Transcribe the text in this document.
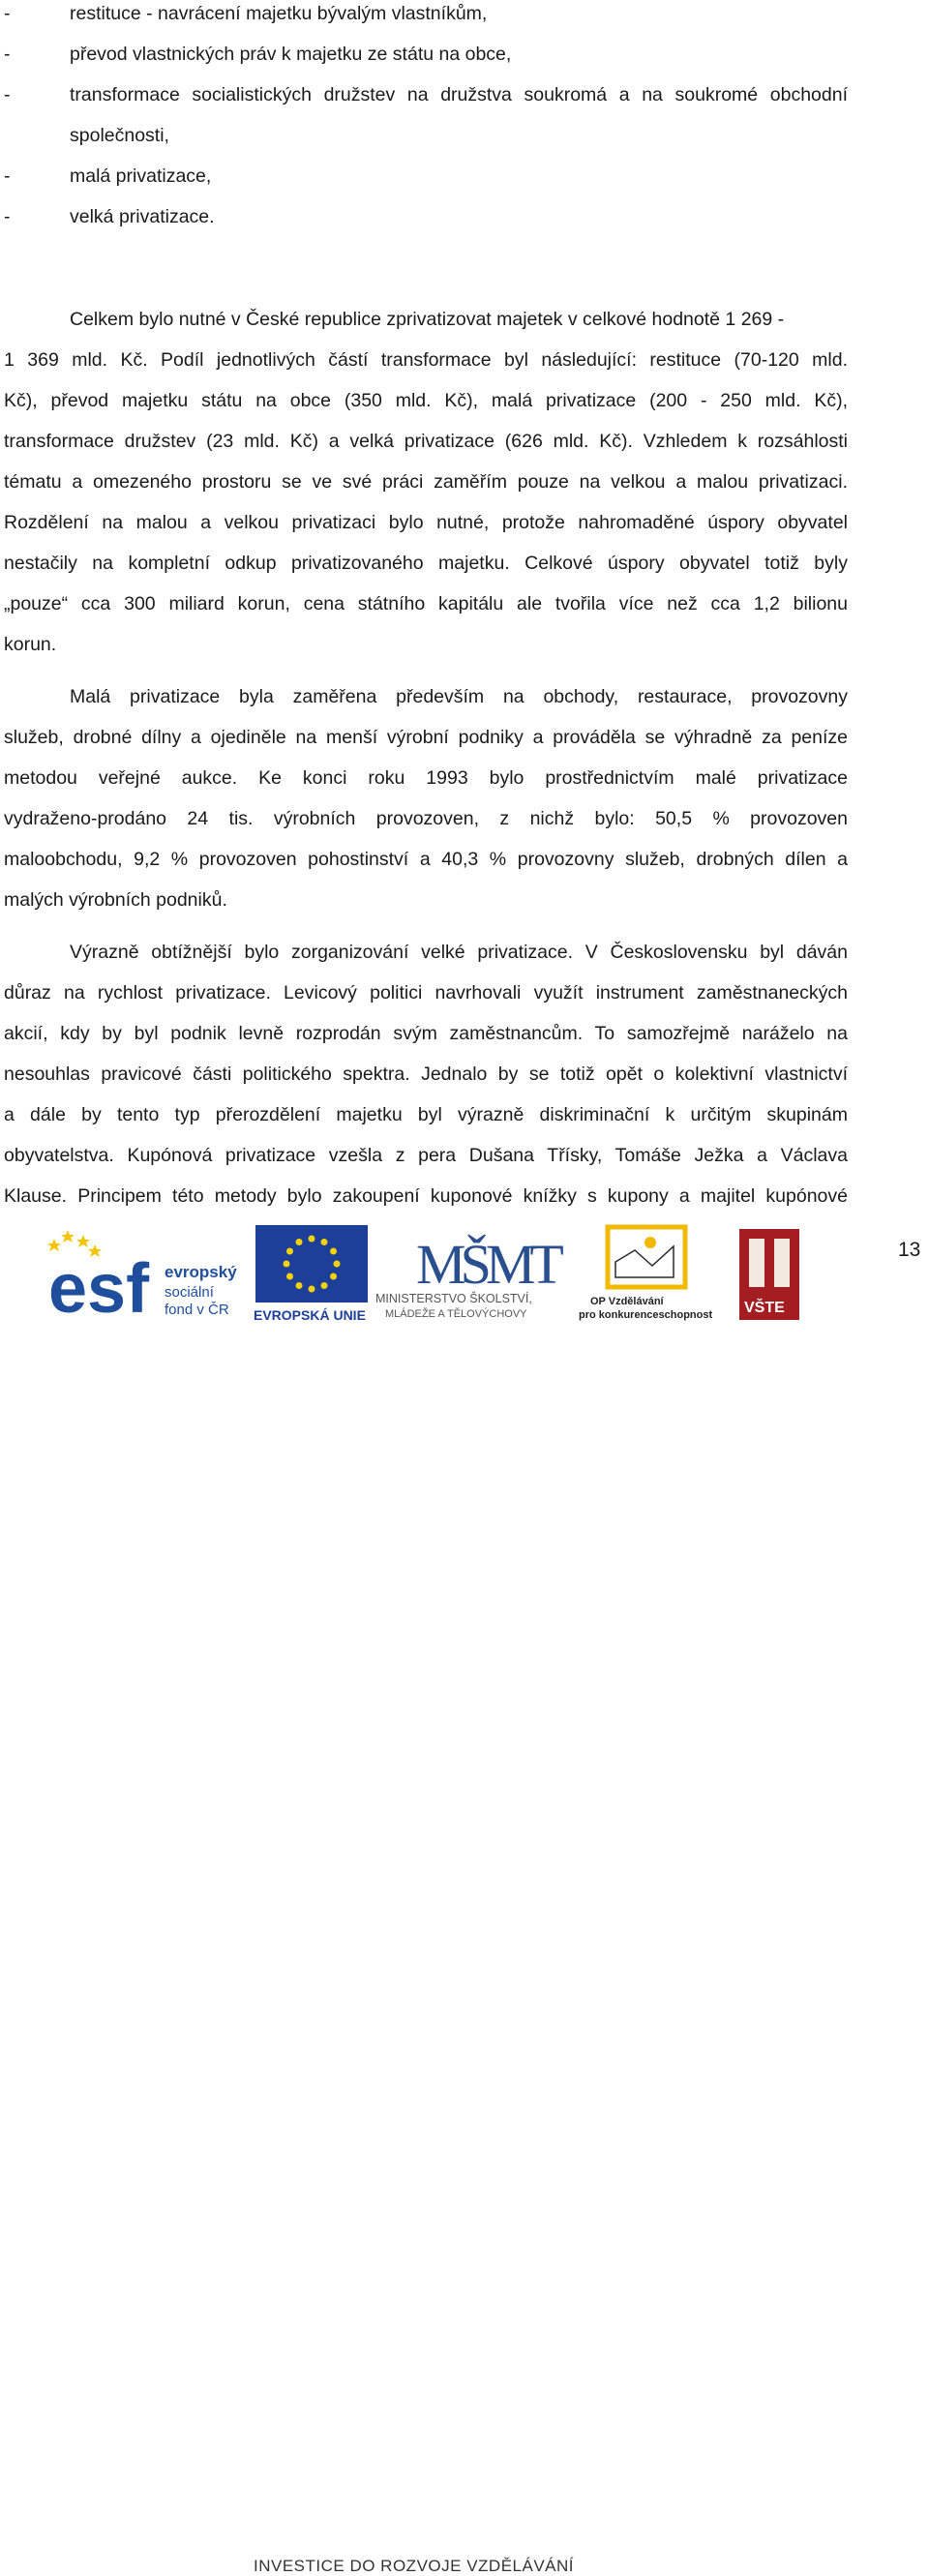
-	restituce - navrácení majetku bývalým vlastníkům,
-	převod vlastnických práv k majetku ze státu na obce,
-	transformace socialistických družstev na družstva soukromá a na soukromé obchodní
společnosti,
-	malá privatizace,
-	velká privatizace.
Celkem bylo nutné v České republice zprivatizovat majetek v celkové hodnotě 1 269 -
1 369 mld. Kč. Podíl jednotlivých částí transformace byl následující: restituce (70-120 mld.
Kč), převod majetku státu na obce (350 mld. Kč), malá privatizace (200 - 250 mld. Kč),
transformace družstev (23 mld. Kč) a velká privatizace (626 mld. Kč). Vzhledem k rozsáhlosti
tématu a omezeného prostoru se ve své práci zaměřím pouze na velkou a malou privatizaci.
Rozdělení na malou a velkou privatizaci bylo nutné, protože nahromaděné úspory obyvatel
nestačily na kompletní odkup privatizovaného majetku. Celkové úspory obyvatel totiž byly
„pouze“ cca 300 miliard korun, cena státního kapitálu ale tvořila více než cca 1,2 bilionu
korun.
Malá privatizace byla zaměřena především na obchody, restaurace, provozovny
služeb, drobné dílny a ojediněle na menší výrobní podniky a prováděla se výhradně za peníze
metodou veřejné aukce. Ke konci roku 1993 bylo prostřednictvím malé privatizace
vydraženo-prodáno 24 tis. výrobních provozoven, z nichž bylo: 50,5 % provozoven
maloobchodu, 9,2 % provozoven pohostinství a 40,3 % provozovny služeb, drobných dílen a
malých výrobních podniků.
Výrazně obtížnější bylo zorganizování velké privatizace. V Československu byl dáván
důraz na rychlost privatizace. Levicový politici navrhovali využít instrument zaměstnaneckých
akcií, kdy by byl podnik levně rozprodán svým zaměstnancům. To samozřejmě naráželo na
nesouhlas pravicové části politického spektra. Jednalo by se totiž opět o kolektivní vlastnictví
a dále by tento typ přerozdělení majetku byl výrazně diskriminační k určitým skupinám
obyvatelstva. Kupónová privatizace vzešla z pera Dušana Třísky, Tomáše Ježka a Václava
Klause. Principem této metody bylo zakoupení kuponové knížky s kupony a majitel kupónové
13
esf evropský
sociální
fond v ČR EVROPSKÁ UNIE
MŠMT
MINISTERSTVO ŠKOLSTVÍ,
MLÁDEŽE A TĚLOVÝCHOVY
OP Vzdělávání
pro konkurenceschopnost VŠTE
INVESTICE DO ROZVOJE VZDĚLÁVÁNÍ
